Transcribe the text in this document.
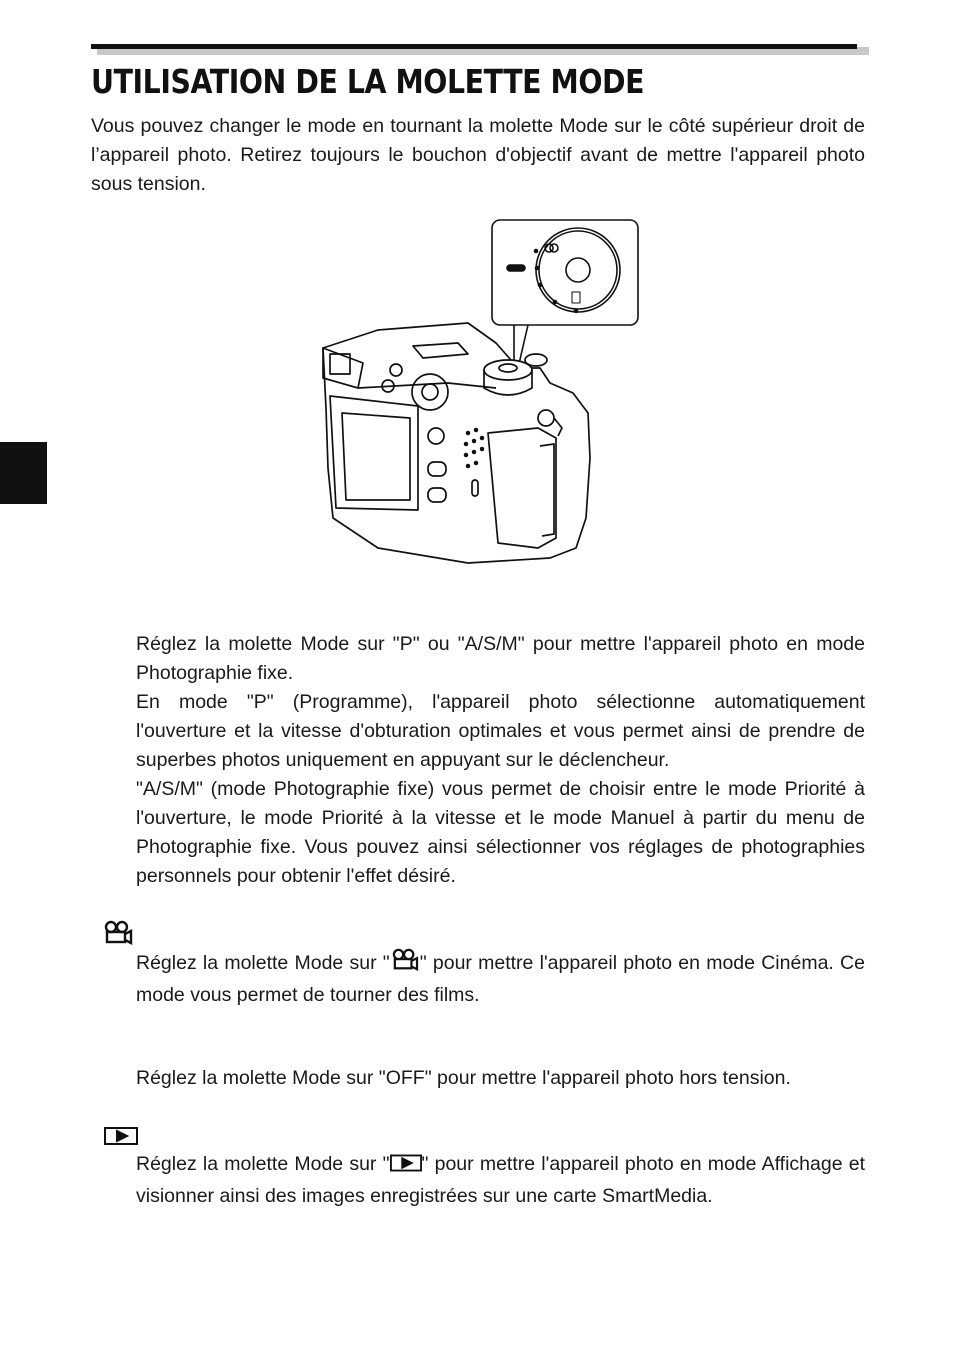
UTILISATION DE LA MOLETTE MODE

Vous pouvez changer le mode en tournant la molette Mode sur le côté supérieur droit de l’appareil photo. Retirez toujours le bouchon d'objectif avant de mettre l'appareil photo sous tension.

Réglez la molette Mode sur "P" ou "A/S/M" pour mettre l'appareil photo en mode Photographie fixe.
En mode "P" (Programme), l'appareil photo sélectionne automatiquement l'ouverture et la vitesse d'obturation optimales et vous permet ainsi de prendre de superbes photos uniquement en appuyant sur le déclencheur.
"A/S/M" (mode Photographie fixe) vous permet de choisir entre le mode Priorité à l'ouverture, le mode Priorité à la vitesse et le mode Manuel à partir du menu de Photographie fixe. Vous pouvez ainsi sélectionner vos réglages de photographies personnels pour obtenir l'effet désiré.
Réglez la molette Mode sur " " pour mettre l'appareil photo en mode Cinéma. Ce mode vous permet de tourner des films.
Réglez la molette Mode sur "OFF" pour mettre l'appareil photo hors tension.
Réglez la molette Mode sur " " pour mettre l'appareil photo en mode Affichage et visionner ainsi des images enregistrées sur une carte SmartMedia.
